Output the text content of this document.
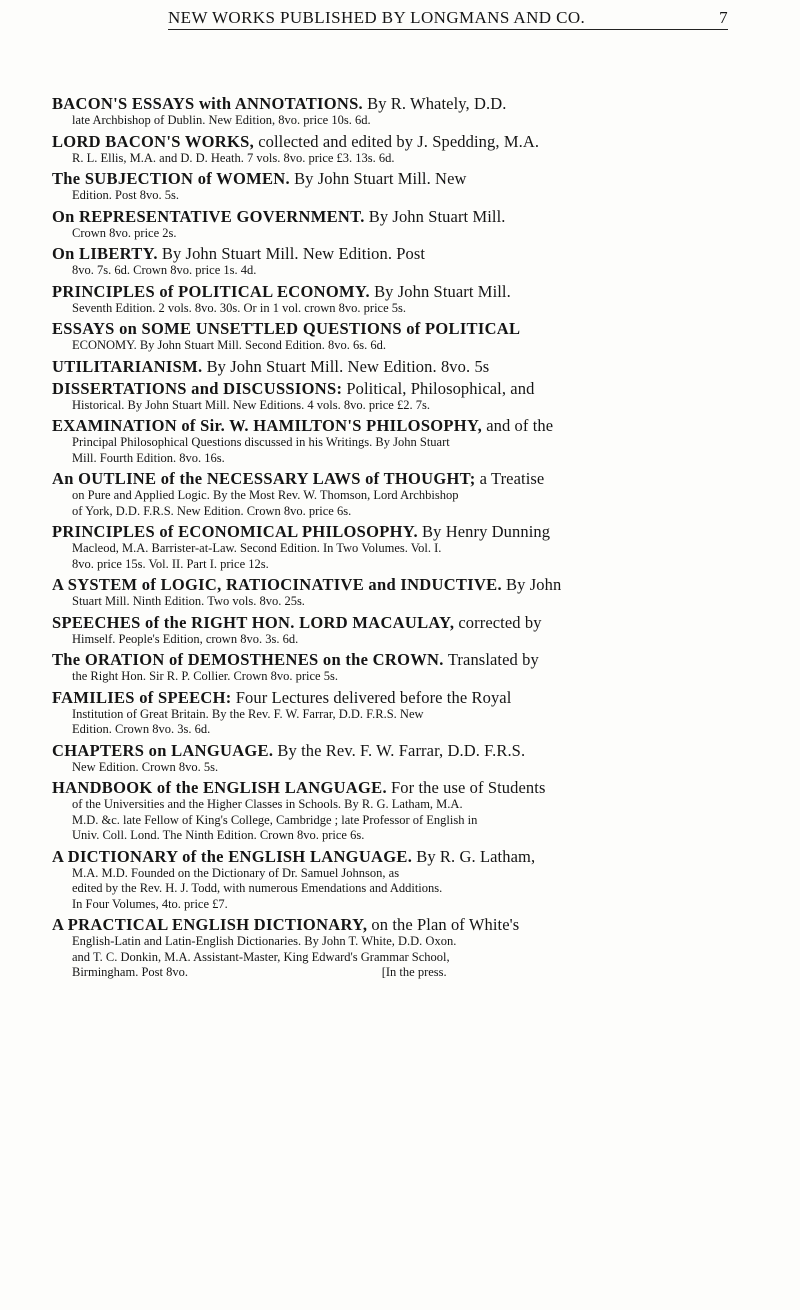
NEW WORKS PUBLISHED BY LONGMANS AND CO.	7
BACON'S ESSAYS with ANNOTATIONS. By R. Whately, D.D.
late Archbishop of Dublin. New Edition, 8vo. price 10s. 6d.
LORD BACON'S WORKS, collected and edited by J. Spedding, M.A.
R. L. Ellis, M.A. and D. D. Heath. 7 vols. 8vo. price £3. 13s. 6d.
The SUBJECTION of WOMEN. By John Stuart Mill. New
Edition. Post 8vo. 5s.
On REPRESENTATIVE GOVERNMENT. By John Stuart Mill.
Crown 8vo. price 2s.
On LIBERTY. By John Stuart Mill. New Edition. Post
8vo. 7s. 6d. Crown 8vo. price 1s. 4d.
PRINCIPLES of POLITICAL ECONOMY. By John Stuart Mill.
Seventh Edition. 2 vols. 8vo. 30s. Or in 1 vol. crown 8vo. price 5s.
ESSAYS on SOME UNSETTLED QUESTIONS of POLITICAL
ECONOMY. By John Stuart Mill. Second Edition. 8vo. 6s. 6d.
UTILITARIANISM. By John Stuart Mill. New Edition. 8vo. 5s
DISSERTATIONS and DISCUSSIONS: Political, Philosophical, and
Historical. By John Stuart Mill. New Editions. 4 vols. 8vo. price £2. 7s.
EXAMINATION of Sir. W. HAMILTON'S PHILOSOPHY, and of the
Principal Philosophical Questions discussed in his Writings. By John Stuart
Mill. Fourth Edition. 8vo. 16s.
An OUTLINE of the NECESSARY LAWS of THOUGHT; a Treatise
on Pure and Applied Logic. By the Most Rev. W. Thomson, Lord Archbishop
of York, D.D. F.R.S. New Edition. Crown 8vo. price 6s.
PRINCIPLES of ECONOMICAL PHILOSOPHY. By Henry Dunning
Macleod, M.A. Barrister-at-Law. Second Edition. In Two Volumes. Vol. I.
8vo. price 15s. Vol. II. Part I. price 12s.
A SYSTEM of LOGIC, RATIOCINATIVE and INDUCTIVE. By John
Stuart Mill. Ninth Edition. Two vols. 8vo. 25s.
SPEECHES of the RIGHT HON. LORD MACAULAY, corrected by
Himself. People's Edition, crown 8vo. 3s. 6d.
The ORATION of DEMOSTHENES on the CROWN. Translated by
the Right Hon. Sir R. P. Collier. Crown 8vo. price 5s.
FAMILIES of SPEECH: Four Lectures delivered before the Royal
Institution of Great Britain. By the Rev. F. W. Farrar, D.D. F.R.S. New
Edition. Crown 8vo. 3s. 6d.
CHAPTERS on LANGUAGE. By the Rev. F. W. Farrar, D.D. F.R.S.
New Edition. Crown 8vo. 5s.
HANDBOOK of the ENGLISH LANGUAGE. For the use of Students
of the Universities and the Higher Classes in Schools. By R. G. Latham, M.A.
M.D. &c. late Fellow of King's College, Cambridge ; late Professor of English in
Univ. Coll. Lond. The Ninth Edition. Crown 8vo. price 6s.
A DICTIONARY of the ENGLISH LANGUAGE. By R. G. Latham,
M.A. M.D. Founded on the Dictionary of Dr. Samuel Johnson, as
edited by the Rev. H. J. Todd, with numerous Emendations and Additions.
In Four Volumes, 4to. price £7.
A PRACTICAL ENGLISH DICTIONARY, on the Plan of White's
English-Latin and Latin-English Dictionaries. By John T. White, D.D. Oxon.
and T. C. Donkin, M.A. Assistant-Master, King Edward's Grammar School,
Birmingham. Post 8vo.                                                              [In the press.
